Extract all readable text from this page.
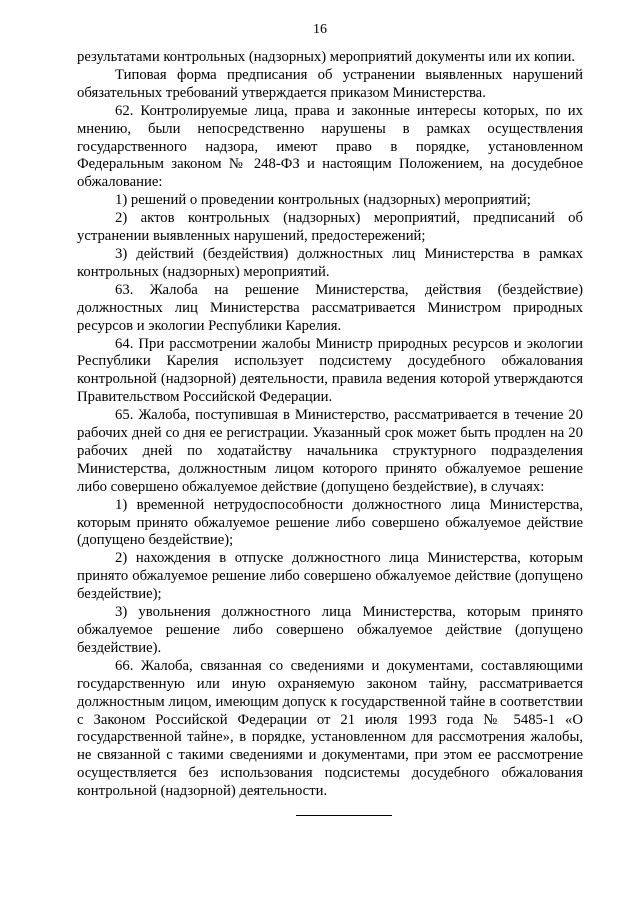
16

результатами контрольных (надзорных) мероприятий документы или их копии.

Типовая форма предписания об устранении выявленных нарушений обязательных требований утверждается приказом Министерства.

62. Контролируемые лица, права и законные интересы которых, по их мнению, были непосредственно нарушены в рамках осуществления государственного надзора, имеют право в порядке, установленном Федеральным законом № 248-ФЗ и настоящим Положением, на досудебное обжалование:

1) решений о проведении контрольных (надзорных) мероприятий;

2) актов контрольных (надзорных) мероприятий, предписаний об устранении выявленных нарушений, предостережений;

3) действий (бездействия) должностных лиц Министерства в рамках контрольных (надзорных) мероприятий.

63. Жалоба на решение Министерства, действия (бездействие) должностных лиц Министерства рассматривается Министром природных ресурсов и экологии Республики Карелия.

64. При рассмотрении жалобы Министр природных ресурсов и экологии Республики Карелия использует подсистему досудебного обжалования контрольной (надзорной) деятельности, правила ведения которой утверждаются Правительством Российской Федерации.

65. Жалоба, поступившая в Министерство, рассматривается в течение 20 рабочих дней со дня ее регистрации. Указанный срок может быть продлен на 20 рабочих дней по ходатайству начальника структурного подразделения Министерства, должностным лицом которого принято обжалуемое решение либо совершено обжалуемое действие (допущено бездействие), в случаях:

1) временной нетрудоспособности должностного лица Министерства, которым принято обжалуемое решение либо совершено обжалуемое действие (допущено бездействие);

2) нахождения в отпуске должностного лица Министерства, которым принято обжалуемое решение либо совершено обжалуемое действие (допущено бездействие);

3) увольнения должностного лица Министерства, которым принято обжалуемое решение либо совершено обжалуемое действие (допущено бездействие).

66. Жалоба, связанная со сведениями и документами, составляющими государственную или иную охраняемую законом тайну, рассматривается должностным лицом, имеющим допуск к государственной тайне в соответствии с Законом Российской Федерации от 21 июля 1993 года № 5485-1 «О государственной тайне», в порядке, установленном для рассмотрения жалобы, не связанной с такими сведениями и документами, при этом ее рассмотрение осуществляется без использования подсистемы досудебного обжалования контрольной (надзорной) деятельности.
